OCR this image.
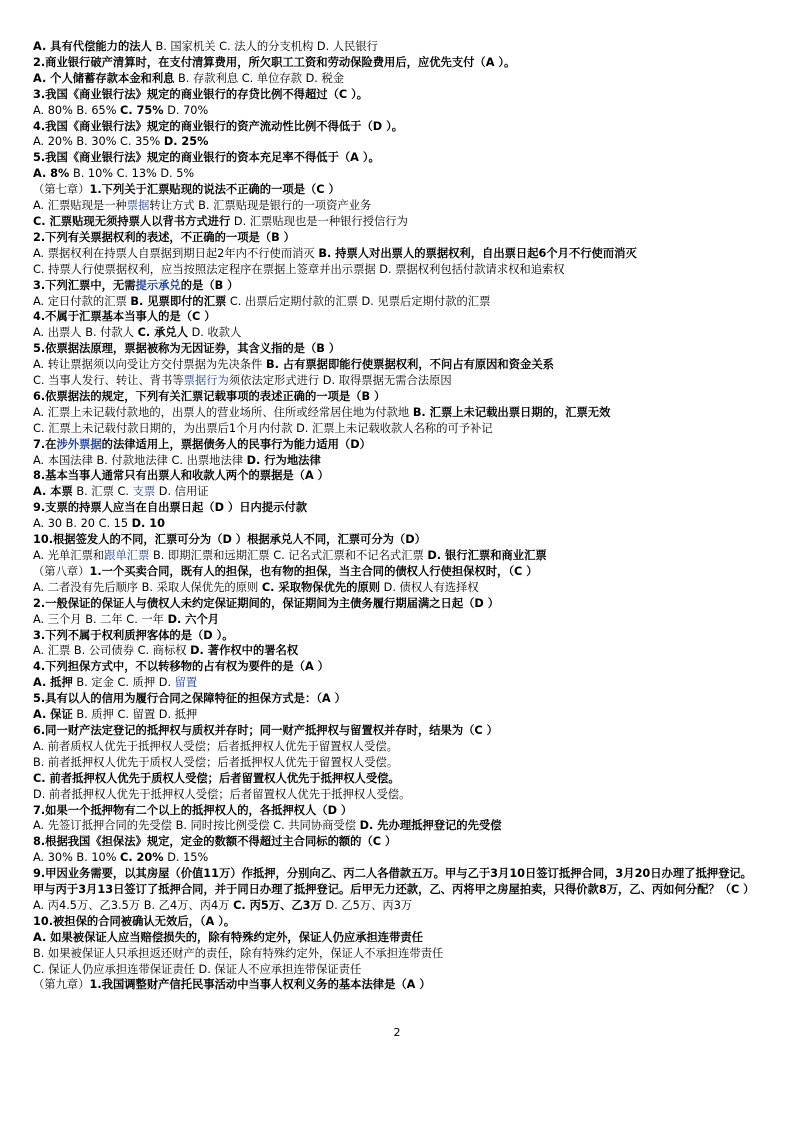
A. 具有代偿能力的法人 B. 国家机关 C. 法人的分支机构 D. 人民银行
2.商业银行破产清算时，在支付清算费用，所欠职工工资和劳动保险费用后，应优先支付（A ）。
A. 个人储蓄存款本金和利息 B. 存款利息 C. 单位存款 D. 税金
3.我国《商业银行法》规定的商业银行的存贷比例不得超过（C ）。
A. 80% B. 65% C. 75% D. 70%
4.我国《商业银行法》规定的商业银行的资产流动性比例不得低于（D ）。
A. 20% B. 30% C. 35% D. 25%
5.我国《商业银行法》规定的商业银行的资本充足率不得低于（A ）。
A. 8% B. 10% C. 13% D. 5%
（第七章）1.下列关于汇票贴现的说法不正确的一项是（C ）
A. 汇票贴现是一种票据转让方式 B. 汇票贴现是银行的一项资产业务
C. 汇票贴现无须持票人以背书方式进行 D. 汇票贴现也是一种银行授信行为
2.下列有关票据权利的表述，不正确的一项是（B ）
A. 票据权利在持票人自票据到期日起2年内不行使而消灭 B. 持票人对出票人的票据权利，自出票日起6个月不行使而消灭
C. 持票人行使票据权利，应当按照法定程序在票据上签章并出示票据 D. 票据权利包括付款请求权和追索权
3.下列汇票中，无需提示承兑的是（B ）
A. 定日付款的汇票 B. 见票即付的汇票 C. 出票后定期付款的汇票 D. 见票后定期付款的汇票
4.不属于汇票基本当事人的是（C ）
A. 出票人 B. 付款人 C. 承兑人 D. 收款人
5.依票据法原理，票据被称为无因证券，其含义指的是（B ）
A. 转让票据须以向受让方交付票据为先决条件 B. 占有票据即能行使票据权利，不问占有原因和资金关系
C. 当事人发行、转让、背书等票据行为须依法定形式进行 D. 取得票据无需合法原因
6.依票据法的规定，下列有关汇票记载事项的表述正确的一项是（B ）
A. 汇票上未记载付款地的，出票人的营业场所、住所或经常居住地为付款地 B. 汇票上未记载出票日期的，汇票无效
C. 汇票上未记载付款日期的，为出票后1个月内付款 D. 汇票上未记载收款人名称的可予补记
7.在涉外票据的法律适用上，票据债务人的民事行为能力适用（D）
A. 本国法律 B. 付款地法律 C. 出票地法律 D. 行为地法律
8.基本当事人通常只有出票人和收款人两个的票据是（A ）
A. 本票 B. 汇票 C. 支票 D. 信用证
9.支票的持票人应当在自出票日起（D ）日内提示付款
A. 30 B. 20 C. 15 D. 10
10.根据签发人的不同，汇票可分为（D ）根据承兑人不同，汇票可分为（D）
A. 光单汇票和跟单汇票 B. 即期汇票和远期汇票 C. 记名式汇票和不记名式汇票 D. 银行汇票和商业汇票
（第八章）1.一个买卖合同，既有人的担保，也有物的担保，当主合同的债权人行使担保权时，（C ）
A. 二者没有先后顺序 B. 采取人保优先的原则 C. 采取物保优先的原则 D. 债权人有选择权
2.一般保证的保证人与债权人未约定保证期间的，保证期间为主债务履行期届满之日起（D ）
A. 三个月 B. 二年 C. 一年 D. 六个月
3.下列不属于权利质押客体的是（D ）。
A. 汇票 B. 公司债券 C. 商标权 D. 著作权中的署名权
4.下列担保方式中，不以转移物的占有权为要件的是（A ）
A. 抵押 B. 定金 C. 质押 D. 留置
5.具有以人的信用为履行合同之保障特征的担保方式是：（A ）
A. 保证 B. 质押 C. 留置 D. 抵押
6.同一财产法定登记的抵押权与质权并存时；同一财产抵押权与留置权并存时，结果为（C ）
A. 前者质权人优先于抵押权人受偿；后者抵押权人优先于留置权人受偿。
B. 前者抵押权人优先于质权人受偿；后者抵押权人优先于留置权人受偿。
C. 前者抵押权人优先于质权人受偿；后者留置权人优先于抵押权人受偿。
D. 前者抵押权人优先于抵押权人受偿；后者留置权人优先于抵押权人受偿。
7.如果一个抵押物有二个以上的抵押权人的，各抵押权人（D ）
A. 先签订抵押合同的先受偿 B. 同时按比例受偿 C. 共同协商受偿 D. 先办理抵押登记的先受偿
8.根据我国《担保法》规定，定金的数额不得超过主合同标的额的（C ）
A. 30% B. 10% C. 20% D. 15%
9.甲因业务需要，以其房屋（价值11万）作抵押，分别向乙、丙二人各借款五万。甲与乙于3月10日签订抵押合同，3月20日办理了抵押登记。甲与丙于3月13日签订了抵押合同，并于同日办理了抵押登记。后甲无力还款，乙、丙将甲之房屋拍卖，只得价款8万，乙、丙如何分配？（C ）
A. 丙4.5万、乙3.5万 B. 乙4万、丙4万 C. 丙5万、乙3万 D. 乙5万、丙3万
10.被担保的合同被确认无效后，（A ）。
A. 如果被保证人应当赔偿损失的，除有特殊约定外，保证人仍应承担连带责任
B. 如果被保证人只承担返还财产的责任，除有特殊约定外，保证人不承担连带责任
C. 保证人仍应承担连带保证责任 D. 保证人不应承担连带保证责任
（第九章）1.我国调整财产信托民事活动中当事人权利义务的基本法律是（A ）
2
